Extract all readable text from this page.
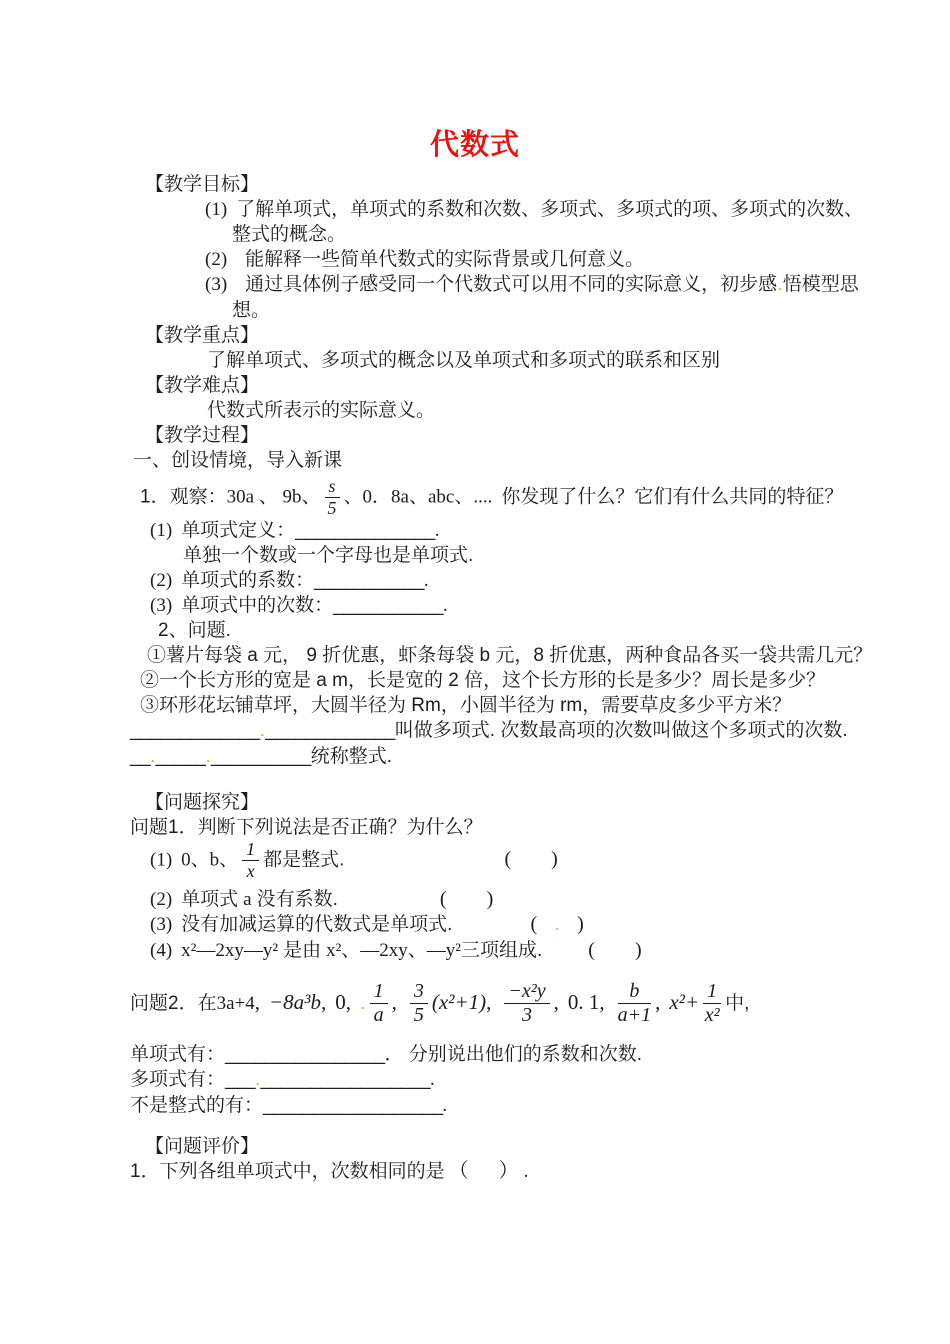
代数式
【教学目标】
(1) 了解单项式，单项式的系数和次数、多项式、多项式的项、多项式的次数、
整式的概念。
(2) 能解释一些简单代数式的实际背景或几何意义。
(3) 通过具体例子感受同一个代数式可以用不同的实际意义，初步感.悟模型思
想。
【教学重点】
了解单项式、多项式的概念以及单项式和多项式的联系和区别
【教学难点】
代数式所表示的实际意义。
【教学过程】
一、创设情境，导入新课
1．观察：30a 、 9b、 $\frac{s}{5}$ 、0．8a、abc、.... 你发现了什么？它们有什么共同的特征？
(1) 单项式定义：______________.
单独一个数或一个字母也是单项式.
(2) 单项式的系数：___________.
(3) 单项式中的次数：___________.
2、问题.
①薯片每袋 a 元， 9 折优惠，虾条每袋 b 元，8 折优惠，两种食品各买一袋共需几元？
②一个长方形的宽是 a m，长是宽的 2 倍，这个长方形的长是多少？周长是多少？
③环形花坛铺草坪，大圆半径为 Rm，小圆半径为 rm，需要草皮多少平方米？
_____________._____________叫做多项式. 次数最高项的次数叫做这个多项式的次数.
__._____.__________统称整式.
【问题探究】
问题1．判断下列说法是否正确？为什么？
(1) 0、b、 $\frac{1}{x}$ 都是整式.	( )
(2) 单项式 a 没有系数.	( )
(3) 没有加减运算的代数式是单项式.	( . )
(4) x²—2xy—y² 是由 x²、—2xy、—y²三项组成. ( )
问题2．在3a+4, −8a³b, 0, . $\frac{1}{a}$ , $\frac{3}{5} (x^2+1)$, $\frac{\text{−x²y}}{3}$ , 0. 1, $\frac{b}{a+1}$ , $x^2+ \frac{1}{\text{x²}}$ 中,
单项式有：________________． 分别说出他们的系数和次数.
多项式有：___._________________.
不是整式的有：__________________.
【问题评价】
1．下列各组单项式中，次数相同的是 （ ） .
